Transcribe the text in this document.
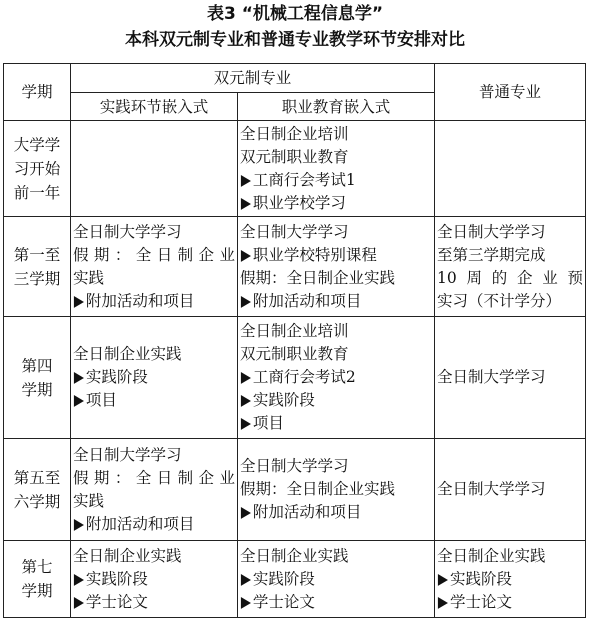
表3 “机械工程信息学”
本科双元制专业和普通专业教学环节安排对比
学期	双元制专业		普通专业
	实践环节嵌入式	职业教育嵌入式	

大学学
习开始
前一年		全日制企业培训
双元制职业教育
▶ 工商行会考试1
▶ 职业学校学习	

第一至
三学期	全日制大学学习
假期：全日制企业
实践
▶ 附加活动和项目	全日制大学学习
▶ 职业学校特别课程
假期：全日制企业实践
▶ 附加活动和项目	全日制大学学习
至第三学期完成
10周的企业预
实习（不计学分）

第四
学期	全日制企业实践
▶ 实践阶段
▶ 项目	全日制企业培训
双元制职业教育
▶ 工商行会考试2
▶ 实践阶段
▶ 项目	全日制大学学习

第五至
六学期	全日制大学学习
假期：全日制企业
实践
▶ 附加活动和项目	全日制大学学习
假期：全日制企业实践
▶ 附加活动和项目	全日制大学学习

第七
学期	全日制企业实践
▶ 实践阶段
▶ 学士论文	全日制企业实践
▶ 实践阶段
▶ 学士论文	全日制企业实践
▶ 实践阶段
▶ 学士论文
